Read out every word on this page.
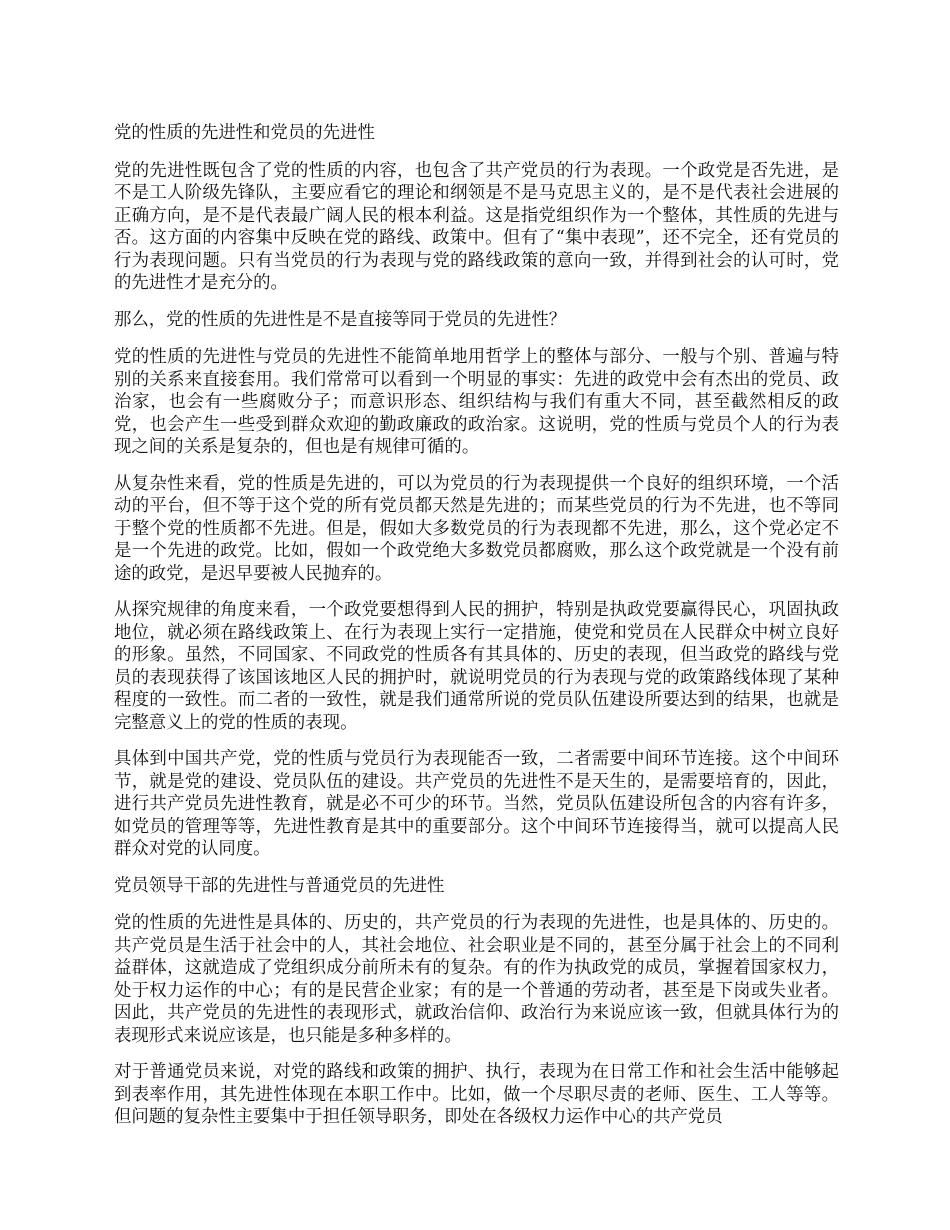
党的性质的先进性和党员的先进性

党的先进性既包含了党的性质的内容，也包含了共产党员的行为表现。一个政党是否先进，是不是工人阶级先锋队，主要应看它的理论和纲领是不是马克思主义的，是不是代表社会进展的正确方向，是不是代表最广阔人民的根本利益。这是指党组织作为一个整体，其性质的先进与否。这方面的内容集中反映在党的路线、政策中。但有了“集中表现”，还不完全，还有党员的行为表现问题。只有当党员的行为表现与党的路线政策的意向一致，并得到社会的认可时，党的先进性才是充分的。

那么，党的性质的先进性是不是直接等同于党员的先进性？

党的性质的先进性与党员的先进性不能简单地用哲学上的整体与部分、一般与个别、普遍与特别的关系来直接套用。我们常常可以看到一个明显的事实：先进的政党中会有杰出的党员、政治家，也会有一些腐败分子；而意识形态、组织结构与我们有重大不同，甚至截然相反的政党，也会产生一些受到群众欢迎的勤政廉政的政治家。这说明，党的性质与党员个人的行为表现之间的关系是复杂的，但也是有规律可循的。

从复杂性来看，党的性质是先进的，可以为党员的行为表现提供一个良好的组织环境，一个活动的平台，但不等于这个党的所有党员都天然是先进的；而某些党员的行为不先进，也不等同于整个党的性质都不先进。但是，假如大多数党员的行为表现都不先进，那么，这个党必定不是一个先进的政党。比如，假如一个政党绝大多数党员都腐败，那么这个政党就是一个没有前途的政党，是迟早要被人民抛弃的。

从探究规律的角度来看，一个政党要想得到人民的拥护，特别是执政党要赢得民心，巩固执政地位，就必须在路线政策上、在行为表现上实行一定措施，使党和党员在人民群众中树立良好的形象。虽然，不同国家、不同政党的性质各有其具体的、历史的表现，但当政党的路线与党员的表现获得了该国该地区人民的拥护时，就说明党员的行为表现与党的政策路线体现了某种程度的一致性。而二者的一致性，就是我们通常所说的党员队伍建设所要达到的结果，也就是完整意义上的党的性质的表现。

具体到中国共产党，党的性质与党员行为表现能否一致，二者需要中间环节连接。这个中间环节，就是党的建设、党员队伍的建设。共产党员的先进性不是天生的，是需要培育的，因此，进行共产党员先进性教育，就是必不可少的环节。当然，党员队伍建设所包含的内容有许多，如党员的管理等等，先进性教育是其中的重要部分。这个中间环节连接得当，就可以提高人民群众对党的认同度。

党员领导干部的先进性与普通党员的先进性

党的性质的先进性是具体的、历史的，共产党员的行为表现的先进性，也是具体的、历史的。共产党员是生活于社会中的人，其社会地位、社会职业是不同的，甚至分属于社会上的不同利益群体，这就造成了党组织成分前所未有的复杂。有的作为执政党的成员，掌握着国家权力，处于权力运作的中心；有的是民营企业家；有的是一个普通的劳动者，甚至是下岗或失业者。因此，共产党员的先进性的表现形式，就政治信仰、政治行为来说应该一致，但就具体行为的表现形式来说应该是，也只能是多种多样的。

对于普通党员来说，对党的路线和政策的拥护、执行，表现为在日常工作和社会生活中能够起到表率作用，其先进性体现在本职工作中。比如，做一个尽职尽责的老师、医生、工人等等。但问题的复杂性主要集中于担任领导职务，即处在各级权力运作中心的共产党员
